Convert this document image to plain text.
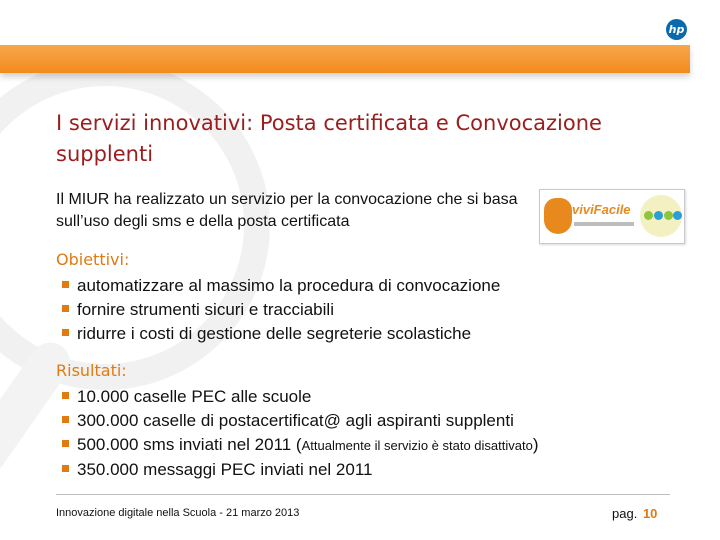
hp
I servizi innovativi: Posta certificata e Convocazione supplenti
Il MIUR ha realizzato un servizio per la convocazione che si basa sull’uso degli sms e della posta certificata
viviFacile
Obiettivi:
automatizzare al massimo la procedura di convocazione
fornire strumenti sicuri e tracciabili
ridurre i costi di gestione delle segreterie scolastiche
Risultati:
10.000 caselle PEC alle scuole
300.000 caselle di postacertificat@ agli aspiranti supplenti
500.000 sms inviati nel 2011 (Attualmente il servizio è stato disattivato)
350.000 messaggi PEC inviati nel 2011
Innovazione digitale nella Scuola - 21 marzo 2013	pag. 10
